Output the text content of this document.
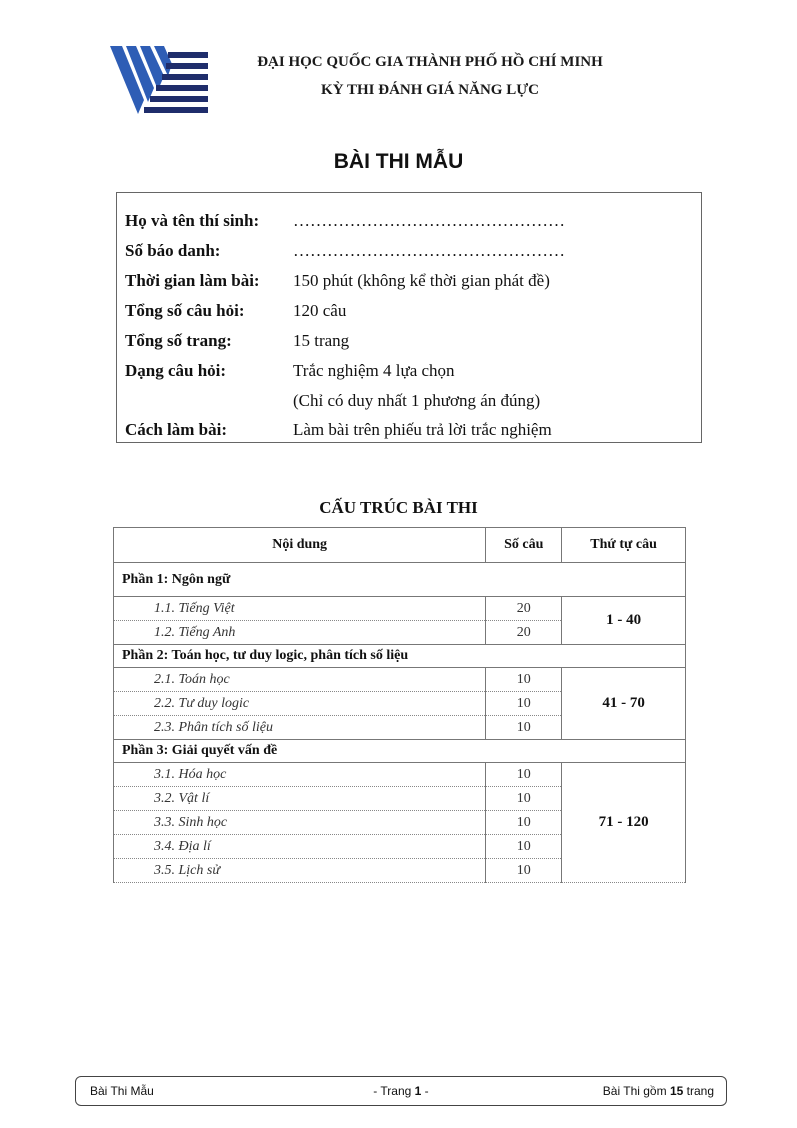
ĐẠI HỌC QUỐC GIA THÀNH PHỐ HỒ CHÍ MINH
KỲ THI ĐÁNH GIÁ NĂNG LỰC
BÀI THI MẪU
Họ và tên thí sinh: …………………………………………
Số báo danh:	…………………………………………
Thời gian làm bài: 150 phút (không kể thời gian phát đề)
Tổng số câu hỏi:	120 câu
Tổng số trang:	15 trang
Dạng câu hỏi:	Trắc nghiệm 4 lựa chọn
(Chỉ có duy nhất 1 phương án đúng)
Cách làm bài:	Làm bài trên phiếu trả lời trắc nghiệm
CẤU TRÚC BÀI THI
Nội dung	Số câu	Thứ tự câu
Phần 1: Ngôn ngữ		
1.1. Tiếng Việt	20	1 - 40
1.2. Tiếng Anh	20	
Phần 2: Toán học, tư duy logic, phân tích số liệu		
2.1. Toán học	10	41 - 70
2.2. Tư duy logic	10	
2.3. Phân tích số liệu	10	
Phần 3: Giải quyết vấn đề		
3.1. Hóa học	10	71 - 120
3.2. Vật lí	10	
3.3. Sinh học	10	
3.4. Địa lí	10	
3.5. Lịch sử	10	
Bài Thi Mẫu	- Trang 1 -	Bài Thi gồm 15 trang
